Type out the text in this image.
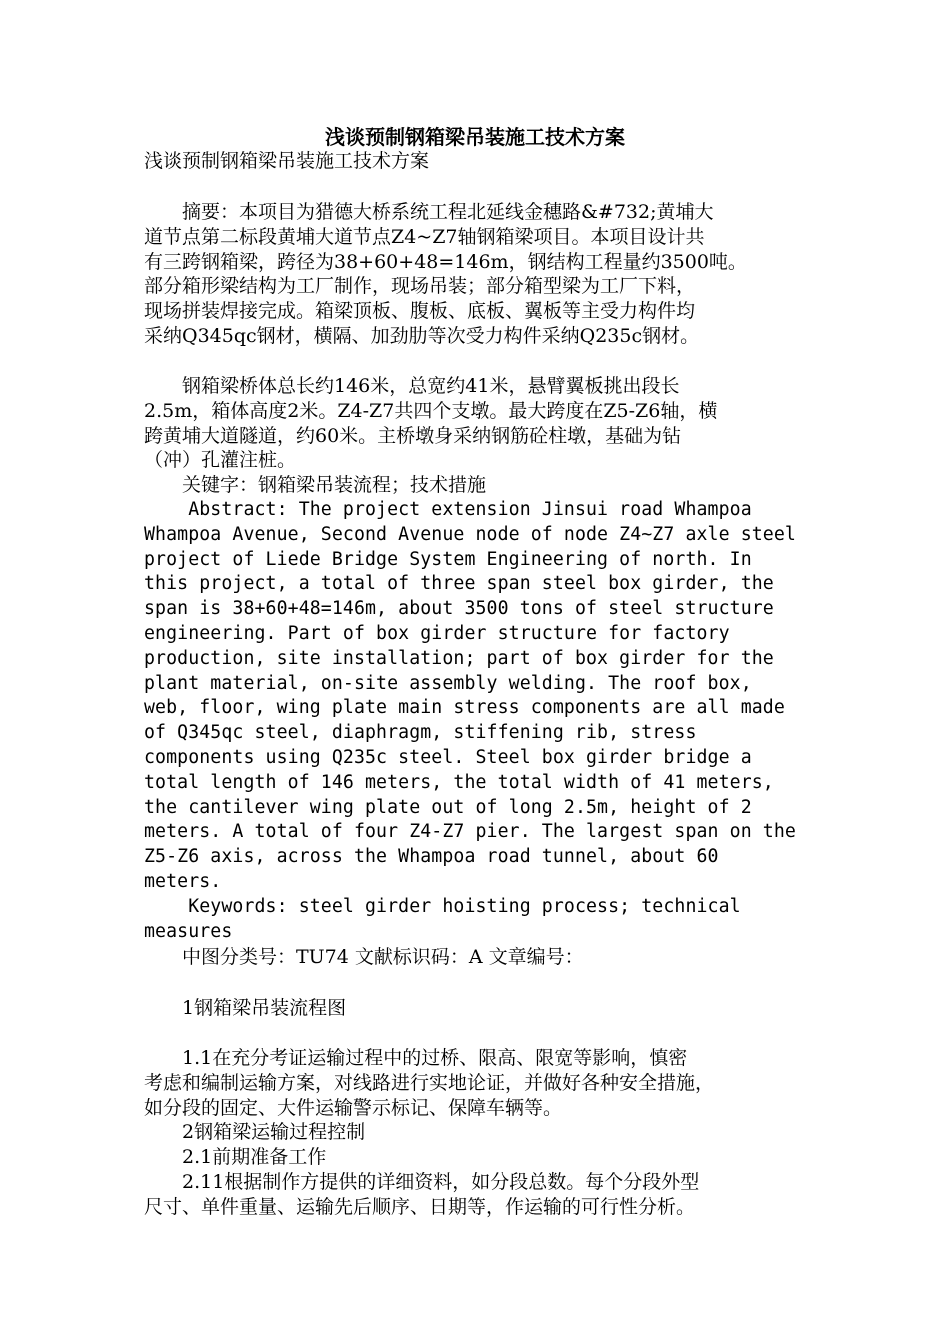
浅谈预制钢箱梁吊装施工技术方案
浅谈预制钢箱梁吊装施工技术方案
　　摘要：本项目为猎德大桥系统工程北延线金穗路&#732;黄埔大
道节点第二标段黄埔大道节点Z4~Z7轴钢箱梁项目。本项目设计共
有三跨钢箱梁，跨径为38+60+48=146m，钢结构工程量约3500吨。
部分箱形梁结构为工厂制作，现场吊装；部分箱型梁为工厂下料，
现场拼装焊接完成。箱梁顶板、腹板、底板、翼板等主受力构件均
采纳Q345qc钢材，横隔、加劲肋等次受力构件采纳Q235c钢材。
　　钢箱梁桥体总长约146米，总宽约41米，悬臂翼板挑出段长
2.5m，箱体高度2米。Z4-Z7共四个支墩。最大跨度在Z5-Z6轴，横
跨黄埔大道隧道，约60米。主桥墩身采纳钢筋砼柱墩，基础为钻
（冲）孔灌注桩。
　　关键字：钢箱梁吊装流程；技术措施
Abstract: The project extension Jinsui road Whampoa
Whampoa Avenue, Second Avenue node of node Z4~Z7 axle steel
project of Liede Bridge System Engineering of north. In
this project, a total of three span steel box girder, the
span is 38+60+48=146m, about 3500 tons of steel structure
engineering. Part of box girder structure for factory
production, site installation; part of box girder for the
plant material, on-site assembly welding. The roof box,
web, floor, wing plate main stress components are all made
of Q345qc steel, diaphragm, stiffening rib, stress
components using Q235c steel. Steel box girder bridge a
total length of 146 meters, the total width of 41 meters,
the cantilever wing plate out of long 2.5m, height of 2
meters. A total of four Z4-Z7 pier. The largest span on the
Z5-Z6 axis, across the Whampoa road tunnel, about 60
meters.
Keywords: steel girder hoisting process; technical
measures
　　中图分类号：TU74 文献标识码：A 文章编号：
　　1钢箱梁吊装流程图
　　1.1在充分考证运输过程中的过桥、限高、限宽等影响，慎密
考虑和编制运输方案，对线路进行实地论证，并做好各种安全措施，
如分段的固定、大件运输警示标记、保障车辆等。
　　2钢箱梁运输过程控制
　　2.1前期准备工作
　　2.11根据制作方提供的详细资料，如分段总数。每个分段外型
尺寸、单件重量、运输先后顺序、日期等，作运输的可行性分析。
